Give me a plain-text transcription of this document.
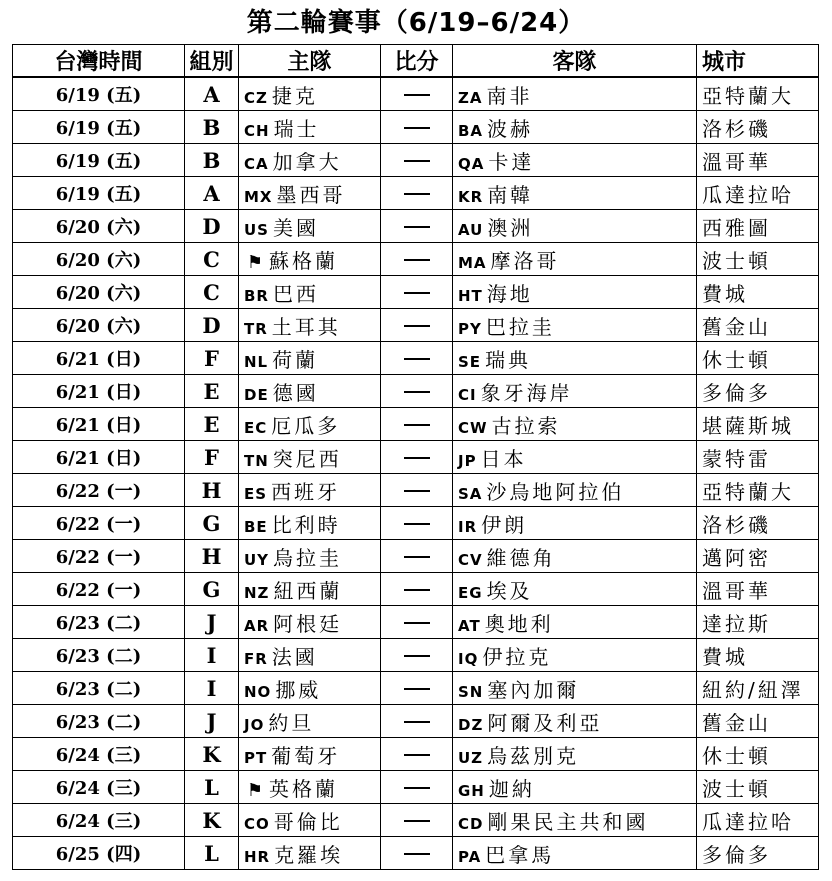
第二輪賽事（6/19–6/24）
台灣時間	組別	主隊	比分	客隊	城市
6/19 (五)	A	CZ 捷克		ZA 南非	亞特蘭大
6/19 (五)	B	CH 瑞士		BA 波赫	洛杉磯
6/19 (五)	B	CA 加拿大		QA 卡達	溫哥華
6/19 (五)	A	MX 墨西哥		KR 南韓	瓜達拉哈
6/20 (六)	D	US 美國		AU 澳洲	西雅圖
6/20 (六)	C	⚑ 蘇格蘭		MA 摩洛哥	波士頓
6/20 (六)	C	BR 巴西		HT 海地	費城
6/20 (六)	D	TR 土耳其		PY 巴拉圭	舊金山
6/21 (日)	F	NL 荷蘭		SE 瑞典	休士頓
6/21 (日)	E	DE 德國		CI 象牙海岸	多倫多
6/21 (日)	E	EC 厄瓜多		CW 古拉索	堪薩斯城
6/21 (日)	F	TN 突尼西		JP 日本	蒙特雷
6/22 (一)	H	ES 西班牙		SA 沙烏地阿拉伯	亞特蘭大
6/22 (一)	G	BE 比利時		IR 伊朗	洛杉磯
6/22 (一)	H	UY 烏拉圭		CV 維德角	邁阿密
6/22 (一)	G	NZ 紐西蘭		EG 埃及	溫哥華
6/23 (二)	J	AR 阿根廷		AT 奧地利	達拉斯
6/23 (二)	I	FR 法國		IQ 伊拉克	費城
6/23 (二)	I	NO 挪威		SN 塞內加爾	紐約/紐澤
6/23 (二)	J	JO 約旦		DZ 阿爾及利亞	舊金山
6/24 (三)	K	PT 葡萄牙		UZ 烏茲別克	休士頓
6/24 (三)	L	⚑ 英格蘭		GH 迦納	波士頓
6/24 (三)	K	CO 哥倫比		CD 剛果民主共和國	瓜達拉哈
6/25 (四)	L	HR 克羅埃		PA 巴拿馬	多倫多
